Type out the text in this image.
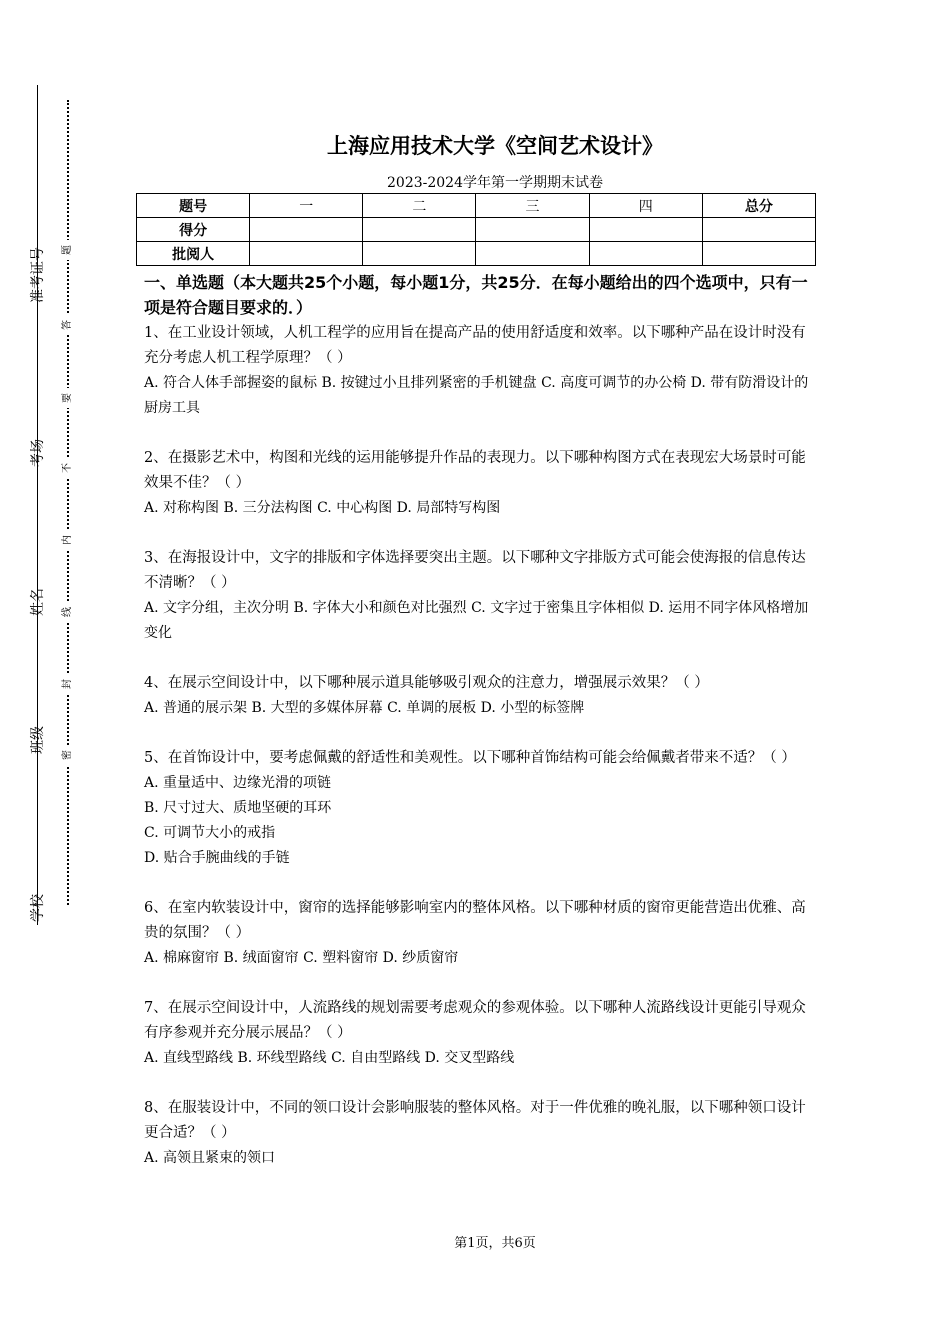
准考证号
考场
姓名
班级
学校
题
答
要
不
内
线
封
密
上海应用技术大学《空间艺术设计》
2023-2024学年第一学期期末试卷
题号	一	二	三	四	总分
得分					
批阅人					

一、单选题（本大题共25个小题，每小题1分，共25分．在每小题给出的四个选项中，只有一项是符合题目要求的．）

1、在工业设计领域，人机工程学的应用旨在提高产品的使用舒适度和效率。以下哪种产品在设计时没有充分考虑人机工程学原理？（ ）

A. 符合人体手部握姿的鼠标 B. 按键过小且排列紧密的手机键盘 C. 高度可调节的办公椅 D. 带有防滑设计的厨房工具

2、在摄影艺术中，构图和光线的运用能够提升作品的表现力。以下哪种构图方式在表现宏大场景时可能效果不佳？（ ）

A. 对称构图 B. 三分法构图 C. 中心构图 D. 局部特写构图

3、在海报设计中，文字的排版和字体选择要突出主题。以下哪种文字排版方式可能会使海报的信息传达不清晰？（ ）

A. 文字分组，主次分明 B. 字体大小和颜色对比强烈 C. 文字过于密集且字体相似 D. 运用不同字体风格增加变化

4、在展示空间设计中，以下哪种展示道具能够吸引观众的注意力，增强展示效果？（ ）

A. 普通的展示架 B. 大型的多媒体屏幕 C. 单调的展板 D. 小型的标签牌

5、在首饰设计中，要考虑佩戴的舒适性和美观性。以下哪种首饰结构可能会给佩戴者带来不适？（ ）

A. 重量适中、边缘光滑的项链

B. 尺寸过大、质地坚硬的耳环

C. 可调节大小的戒指

D. 贴合手腕曲线的手链

6、在室内软装设计中，窗帘的选择能够影响室内的整体风格。以下哪种材质的窗帘更能营造出优雅、高贵的氛围？（ ）

A. 棉麻窗帘 B. 绒面窗帘 C. 塑料窗帘 D. 纱质窗帘

7、在展示空间设计中，人流路线的规划需要考虑观众的参观体验。以下哪种人流路线设计更能引导观众有序参观并充分展示展品？（ ）

A. 直线型路线 B. 环线型路线 C. 自由型路线 D. 交叉型路线

8、在服装设计中，不同的领口设计会影响服装的整体风格。对于一件优雅的晚礼服，以下哪种领口设计更合适？（ ）

A. 高领且紧束的领口

第1页，共6页
